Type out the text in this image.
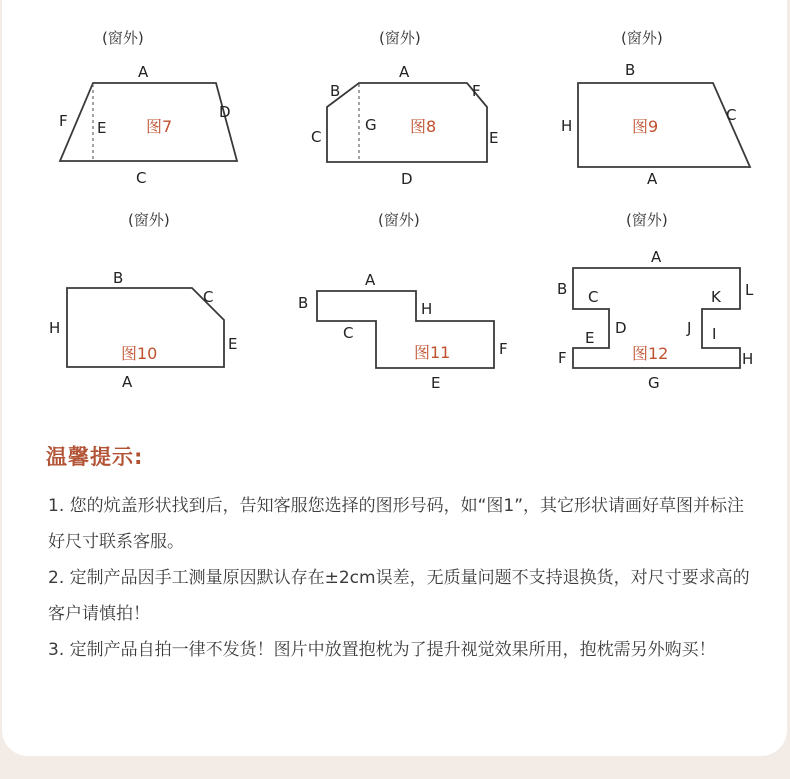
(窗外)
A
D
C
F E 图7
(窗外)
A
B	F
C
G
E
D
图8
(窗外)
B
H
C
A
图9
(窗外)
B
C
H
E
A
图10
(窗外)
A
B	H
C
F
E
图11
(窗外)
A
B C	L
K
E
D	J I
F	H
G
图12
温馨提示:
1. 您的炕盖形状找到后，告知客服您选择的图形号码，如“图1”，其它形状请画好草图并标注好尺寸联系客服。
2. 定制产品因手工测量原因默认存在±2cm误差，无质量问题不支持退换货，对尺寸要求高的客户请慎拍！
3. 定制产品自拍一律不发货！图片中放置抱枕为了提升视觉效果所用，抱枕需另外购买！
